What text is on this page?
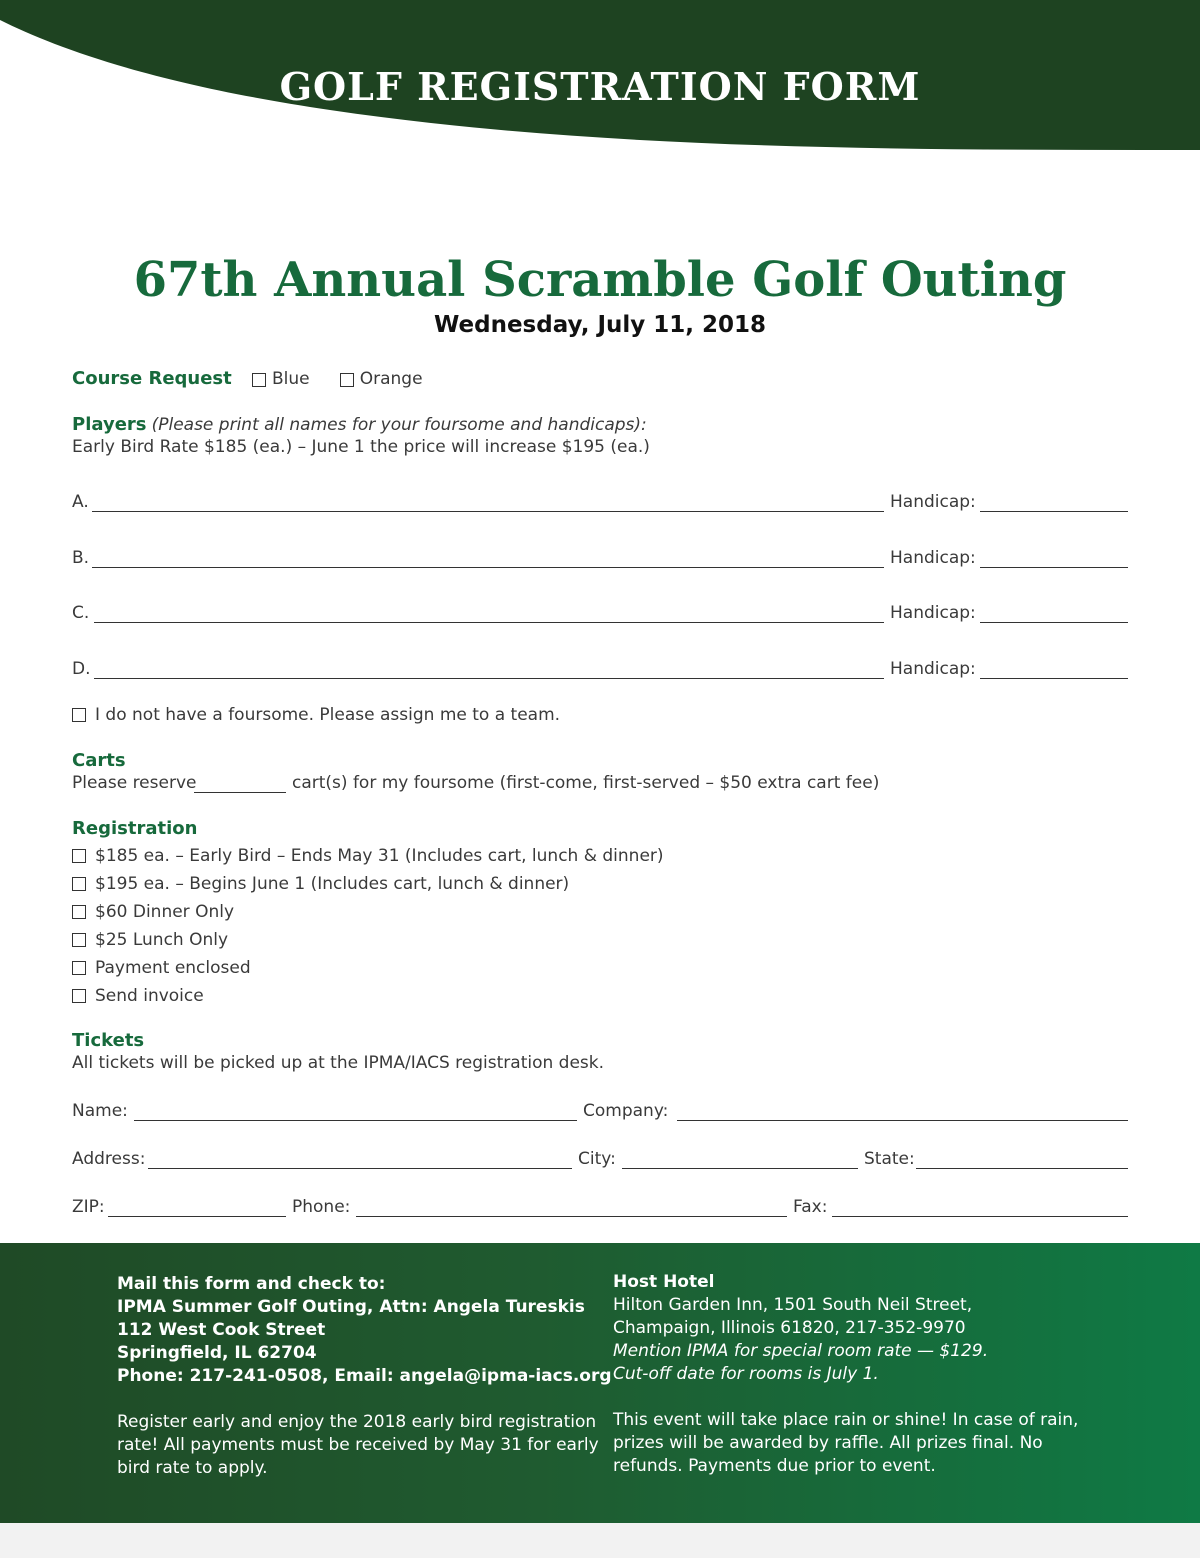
GOLF REGISTRATION FORM
67th Annual Scramble Golf Outing
Wednesday, July 11, 2018
Course Request Blue	Orange
Players (Please print all names for your foursome and handicaps):
Early Bird Rate $185 (ea.) – June 1 the price will increase $195 (ea.)
A.	Handicap:
B.	Handicap:
C.	Handicap:
D.	Handicap:
I do not have a foursome. Please assign me to a team.
Carts
Please reserve	cart(s) for my foursome (first-come, first-served – $50 extra cart fee)
Registration
$185 ea. – Early Bird – Ends May 31 (Includes cart, lunch & dinner)
$195 ea. – Begins June 1 (Includes cart, lunch & dinner)
$60 Dinner Only
$25 Lunch Only
Payment enclosed
Send invoice
Tickets
All tickets will be picked up at the IPMA/IACS registration desk.
Name:	Company:
Address:	City:	State:
ZIP:	Phone:	Fax:
Mail this form and check to:
IPMA Summer Golf Outing, Attn: Angela Tureskis
112 West Cook Street
Springfield, IL 62704
Phone: 217-241-0508, Email: angela@ipma-iacs.org
Register early and enjoy the 2018 early bird registration
rate! All payments must be received by May 31 for early
bird rate to apply.
Host Hotel
Hilton Garden Inn, 1501 South Neil Street,
Champaign, Illinois 61820, 217-352-9970
Mention IPMA for special room rate — $129.
Cut-off date for rooms is July 1.
This event will take place rain or shine! In case of rain,
prizes will be awarded by raffle. All prizes final. No
refunds. Payments due prior to event.
